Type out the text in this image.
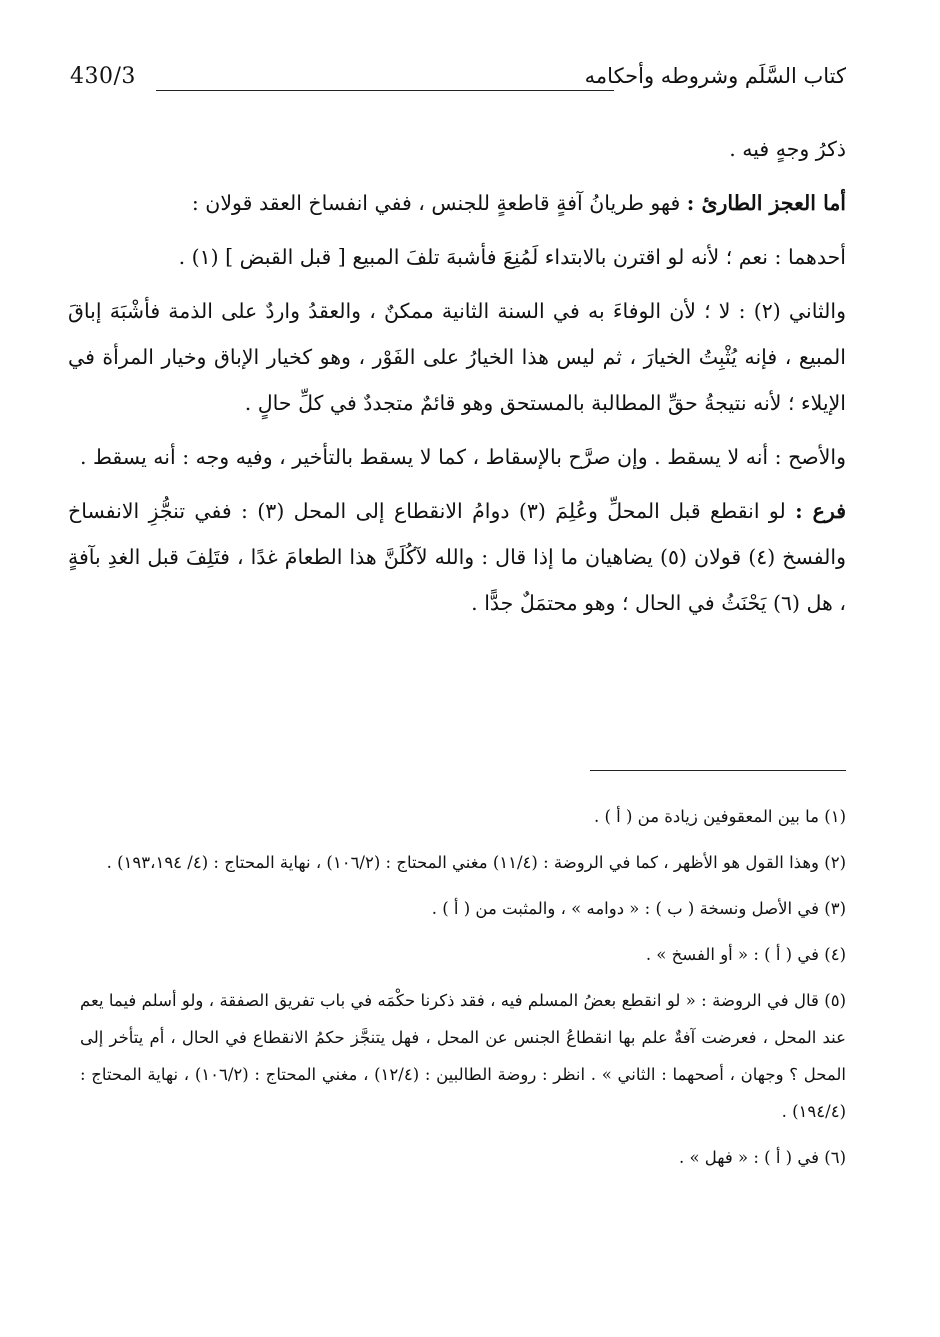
430/3	كتاب السَّلَم وشروطه وأحكامه

ذكرُ وجهٍ فيه .

أما العجز الطارئ : فهو طريانُ آفةٍ قاطعةٍ للجنس ، ففي انفساخ العقد قولان :

أحدهما : نعم ؛ لأنه لو اقترن بالابتداء لَمُنِعَ فأشبهَ تلفَ المبيع [ قبل القبض ] (١) .

والثاني (٢) : لا ؛ لأن الوفاءَ به في السنة الثانية ممكنٌ ، والعقدُ واردٌ على الذمة فأشْبَهَ إباقَ المبيع ، فإنه يُثْبِتُ الخيارَ ، ثم ليس هذا الخيارُ على الفَوْر ، وهو كخيار الإباق وخيار المرأة في الإيلاء ؛ لأنه نتيجةُ حقِّ المطالبة بالمستحق وهو قائمٌ متجددٌ في كلِّ حالٍ .

والأصح : أنه لا يسقط . وإن صرَّح بالإسقاط ، كما لا يسقط بالتأخير ، وفيه وجه : أنه يسقط .

فرع : لو انقطع قبل المحلِّ وعُلِمَ (٣) دوامُ الانقطاع إلى المحل (٣) : ففي تنجُّزِ الانفساخ والفسخ (٤) قولان (٥) يضاهيان ما إذا قال : والله لآكُلَنَّ هذا الطعامَ غدًا ، فتَلِفَ قبل الغدِ بآفةٍ ، هل (٦) يَحْنَثُ في الحال ؛ وهو محتمَلٌ جدًّا .

(١) ما بين المعقوفين زيادة من ( أ ) .

(٢) وهذا القول هو الأظهر ، كما في الروضة : (١١/٤) مغني المحتاج : (١٠٦/٢) ، نهاية المحتاج : (٤/ ١٩٣،١٩٤) .

(٣) في الأصل ونسخة ( ب ) : « دوامه » ، والمثبت من ( أ ) .

(٤) في ( أ ) : « أو الفسخ » .

(٥) قال في الروضة : « لو انقطع بعضُ المسلم فيه ، فقد ذكرنا حكْمَه في باب تفريق الصفقة ، ولو أسلم فيما يعم عند المحل ، فعرضت آفةٌ علم بها انقطاعُ الجنس عن المحل ، فهل يتنجَّز حكمُ الانقطاع في الحال ، أم يتأخر إلى المحل ؟ وجهان ، أصحهما : الثاني » . انظر : روضة الطالبين : (١٢/٤) ، مغني المحتاج : (١٠٦/٢) ، نهاية المحتاج : (١٩٤/٤) .

(٦) في ( أ ) : « فهل » .
